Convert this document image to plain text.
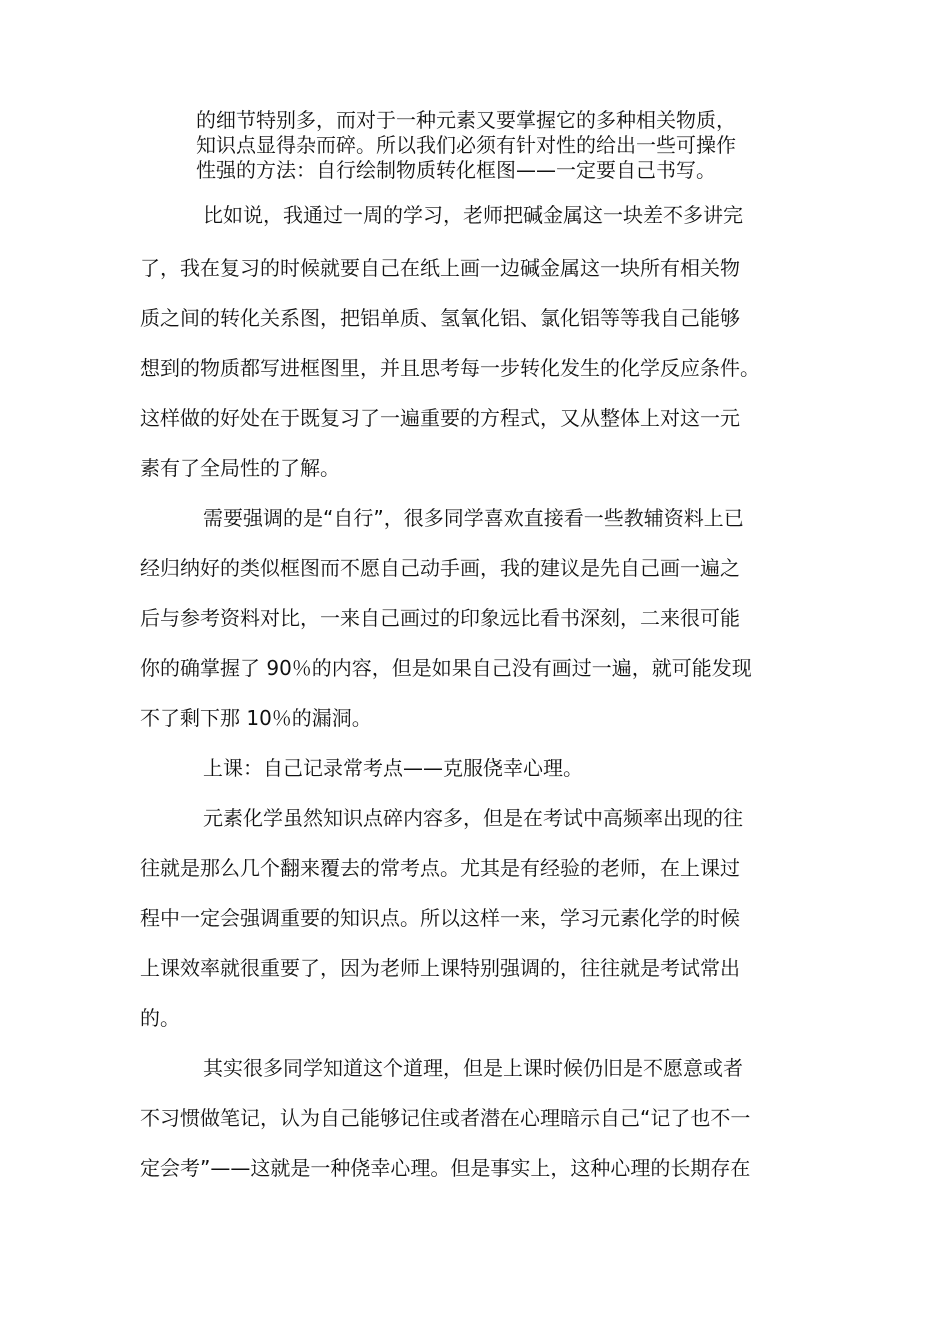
的细节特别多，而对于一种元素又要掌握它的多种相关物质，
知识点显得杂而碎。所以我们必须有针对性的给出一些可操作
性强的方法：自行绘制物质转化框图——一定要自己书写。
比如说，我通过一周的学习，老师把碱金属这一块差不多讲完
了，我在复习的时候就要自己在纸上画一边碱金属这一块所有相关物
质之间的转化关系图，把铝单质、氢氧化铝、氯化铝等等我自己能够
想到的物质都写进框图里，并且思考每一步转化发生的化学反应条件。
这样做的好处在于既复习了一遍重要的方程式，又从整体上对这一元
素有了全局性的了解。
需要强调的是“自行”，很多同学喜欢直接看一些教辅资料上已
经归纳好的类似框图而不愿自己动手画，我的建议是先自己画一遍之
后与参考资料对比，一来自己画过的印象远比看书深刻，二来很可能
你的确掌握了 90％的内容，但是如果自己没有画过一遍，就可能发现
不了剩下那 10％的漏洞。
上课：自己记录常考点——克服侥幸心理。
元素化学虽然知识点碎内容多，但是在考试中高频率出现的往
往就是那么几个翻来覆去的常考点。尤其是有经验的老师，在上课过
程中一定会强调重要的知识点。所以这样一来，学习元素化学的时候
上课效率就很重要了，因为老师上课特别强调的，往往就是考试常出
的。
其实很多同学知道这个道理，但是上课时候仍旧是不愿意或者
不习惯做笔记，认为自己能够记住或者潜在心理暗示自己“记了也不一
定会考”——这就是一种侥幸心理。但是事实上，这种心理的长期存在
